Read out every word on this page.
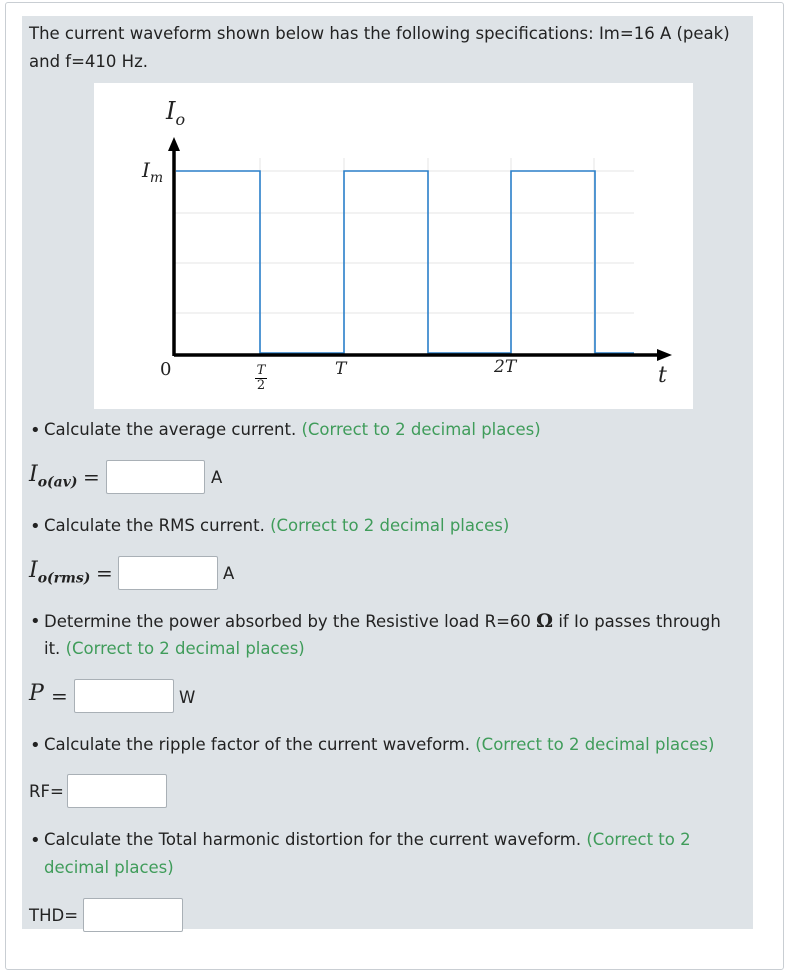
The current waveform shown below has the following specifications: Im=16 A (peak)
and f=410 Hz.
$I_o$
$I_m$
0	T
2
T	2T	t
• Calculate the average current. (Correct to 2 decimal places)
$I_{o(av)}$ =	A
• Calculate the RMS current. (Correct to 2 decimal places)
$I_{o(rms)}$ =	A
• Determine the power absorbed by the Resistive load R=60 Ω if Io passes through
it. (Correct to 2 decimal places)
P =	W
• Calculate the ripple factor of the current waveform. (Correct to 2 decimal places)
RF=
• Calculate the Total harmonic distortion for the current waveform. (Correct to 2
decimal places)
THD=
